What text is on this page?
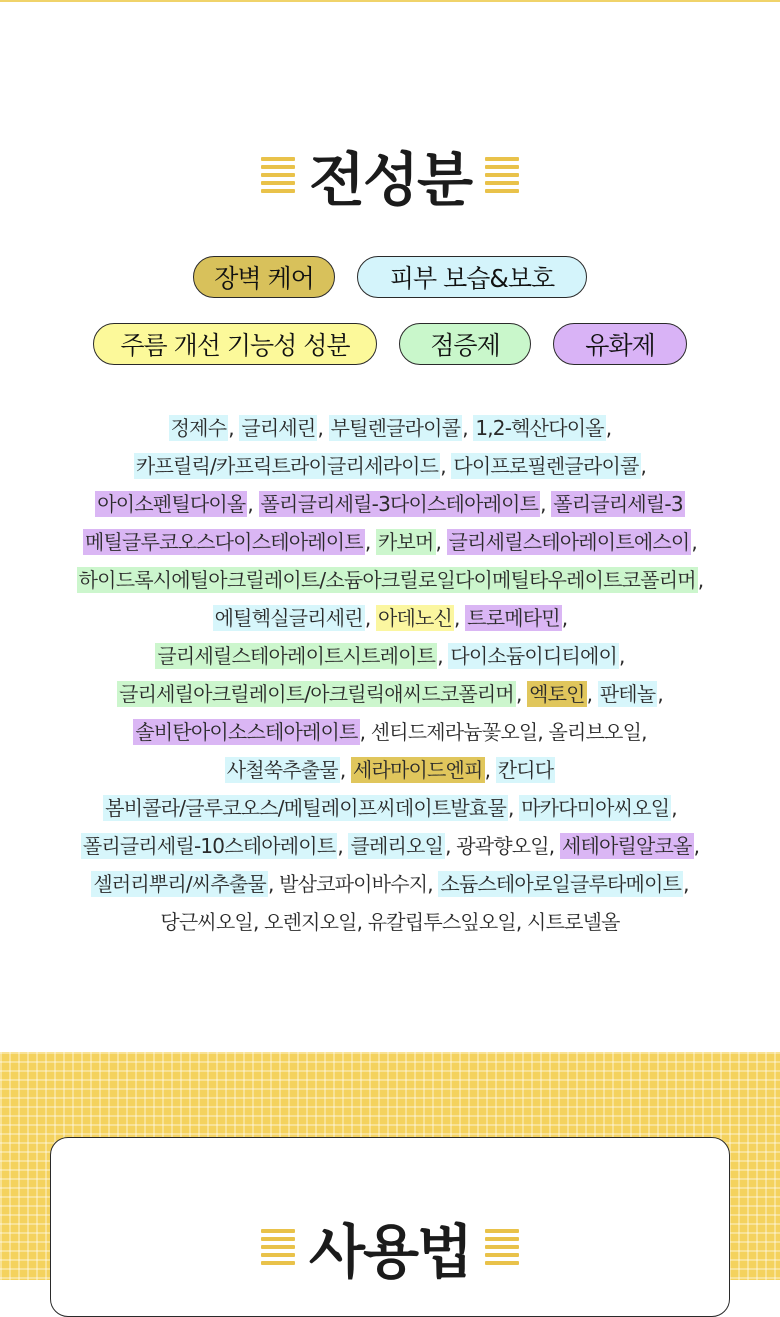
전성분
장벽 케어	피부 보습&보호
주름 개선 기능성 성분	점증제	유화제
정제수 , 글리세린 , 부틸렌글라이콜 , 1,2-헥산다이올 ,
카프릴릭/카프릭트라이글리세라이드 , 다이프로필렌글라이콜 ,
아이소펜틸다이올 , 폴리글리세릴-3다이스테아레이트 , 폴리글리세릴-3
메틸글루코오스다이스테아레이트 , 카보머 , 글리세릴스테아레이트에스이 ,
하이드록시에틸아크릴레이트/소듐아크릴로일다이메틸타우레이트코폴리머 ,
에틸헥실글리세린 , 아데노신 , 트로메타민 ,
글리세릴스테아레이트시트레이트 , 다이소듐이디티에이 ,
글리세릴아크릴레이트/아크릴릭애씨드코폴리머 , 엑토인 , 판테놀 ,
솔비탄아이소스테아레이트 , 센티드제라늄꽃오일, 올리브오일,
사철쑥추출물 , 세라마이드엔피 , 칸디다
봄비콜라/글루코오스/메틸레이프씨데이트발효물 , 마카다미아씨오일 ,
폴리글리세릴-10스테아레이트 , 클레리오일 , 광곽향오일, 세테아릴알코올 ,
셀러리뿌리/씨추출물 , 발삼코파이바수지, 소듐스테아로일글루타메이트 ,
당근씨오일, 오렌지오일, 유칼립투스잎오일, 시트로넬올
사용법
